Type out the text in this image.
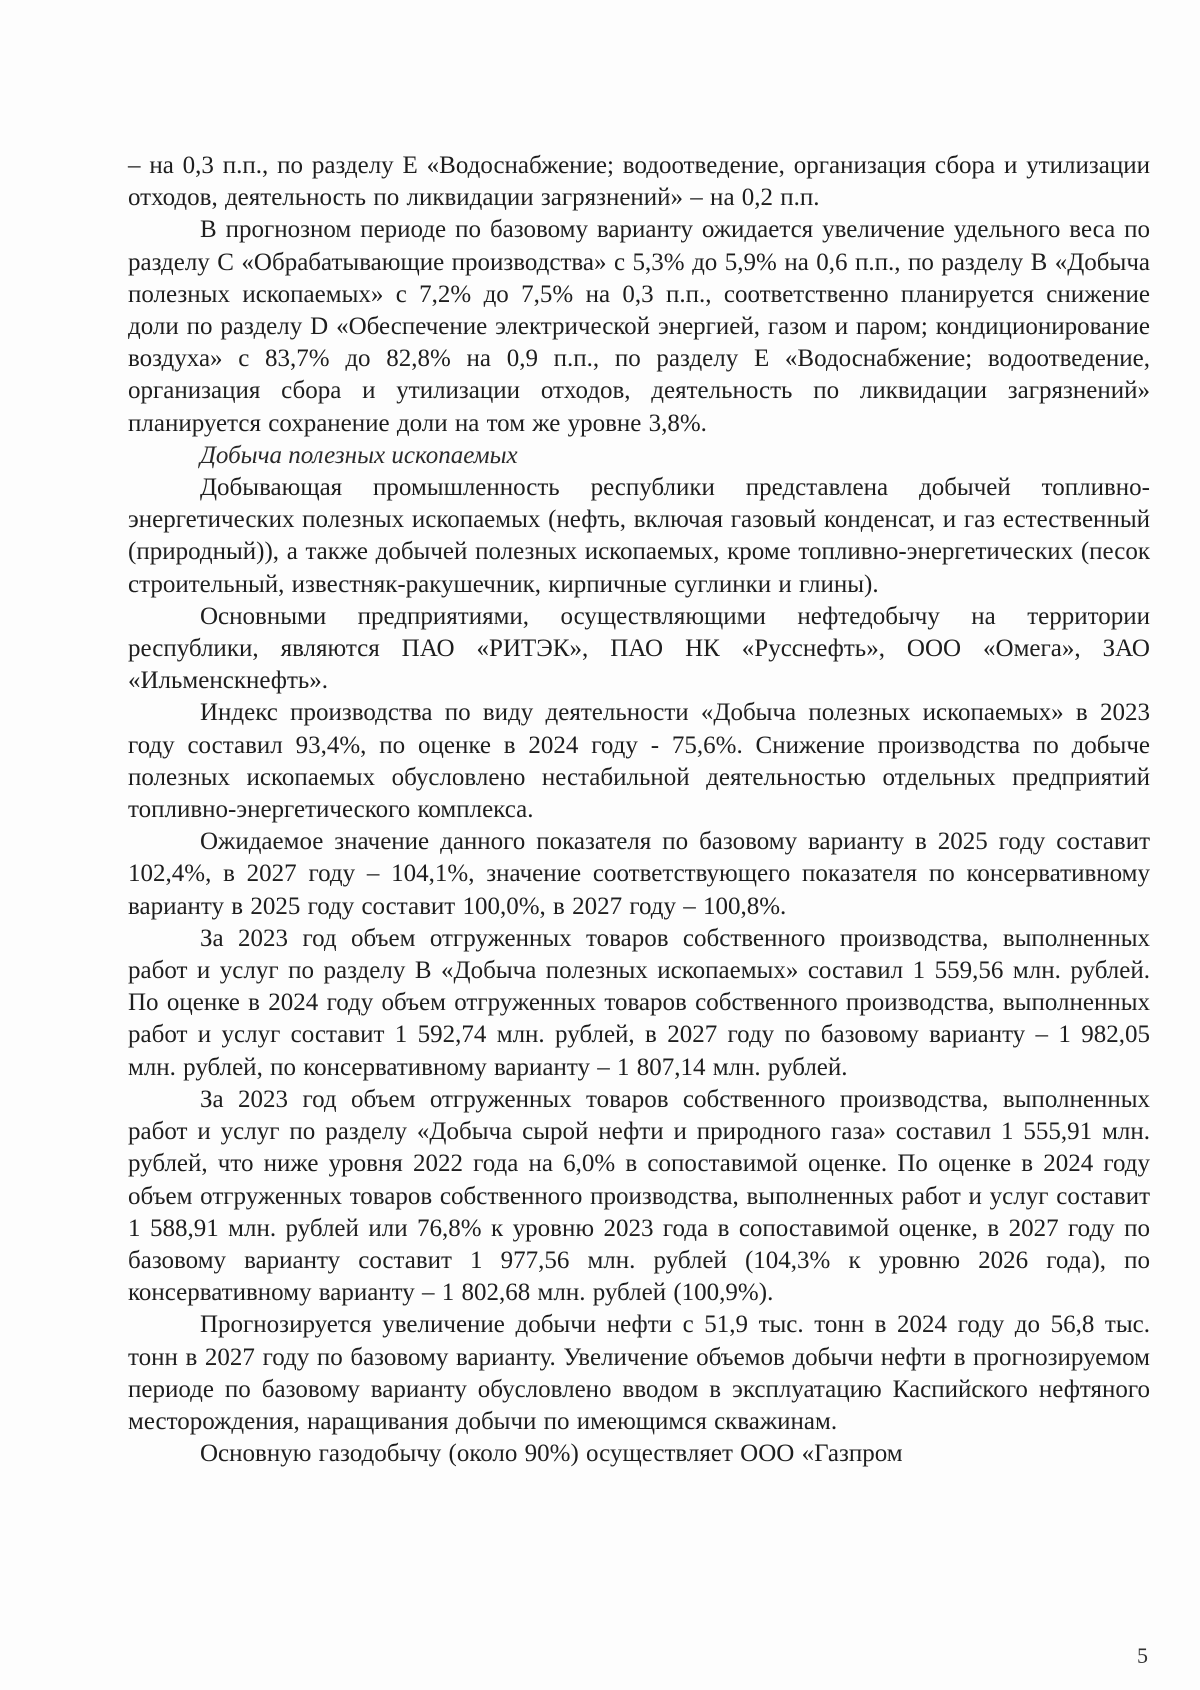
– на 0,3 п.п., по разделу Е «Водоснабжение; водоотведение, организация сбора и утилизации отходов, деятельность по ликвидации загрязнений» – на 0,2 п.п.

В прогнозном периоде по базовому варианту ожидается увеличение удельного веса по разделу С «Обрабатывающие производства» с 5,3% до 5,9% на 0,6 п.п., по разделу В «Добыча полезных ископаемых» с 7,2% до 7,5% на 0,3 п.п., соответственно планируется снижение доли по разделу D «Обеспечение электрической энергией, газом и паром; кондиционирование воздуха» с 83,7% до 82,8% на 0,9 п.п., по разделу Е «Водоснабжение; водоотведение, организация сбора и утилизации отходов, деятельность по ликвидации загрязнений» планируется сохранение доли на том же уровне 3,8%.

Добыча полезных ископаемых

Добывающая промышленность республики представлена добычей топливно-энергетических полезных ископаемых (нефть, включая газовый конденсат, и газ естественный (природный)), а также добычей полезных ископаемых, кроме топливно-энергетических (песок строительный, известняк-ракушечник, кирпичные суглинки и глины).

Основными предприятиями, осуществляющими нефтедобычу на территории республики, являются ПАО «РИТЭК», ПАО НК «Русснефть», ООО «Омега», ЗАО «Ильменскнефть».

Индекс производства по виду деятельности «Добыча полезных ископаемых» в 2023 году составил 93,4%, по оценке в 2024 году - 75,6%. Снижение производства по добыче полезных ископаемых обусловлено нестабильной деятельностью отдельных предприятий топливно-энергетического комплекса.

Ожидаемое значение данного показателя по базовому варианту в 2025 году составит 102,4%, в 2027 году – 104,1%, значение соответствующего показателя по консервативному варианту в 2025 году составит 100,0%, в 2027 году – 100,8%.

За 2023 год объем отгруженных товаров собственного производства, выполненных работ и услуг по разделу В «Добыча полезных ископаемых» составил 1 559,56 млн. рублей. По оценке в 2024 году объем отгруженных товаров собственного производства, выполненных работ и услуг составит 1 592,74 млн. рублей, в 2027 году по базовому варианту – 1 982,05 млн. рублей, по консервативному варианту – 1 807,14 млн. рублей.

За 2023 год объем отгруженных товаров собственного производства, выполненных работ и услуг по разделу «Добыча сырой нефти и природного газа» составил 1 555,91 млн. рублей, что ниже уровня 2022 года на 6,0% в сопоставимой оценке. По оценке в 2024 году объем отгруженных товаров собственного производства, выполненных работ и услуг составит 1 588,91 млн. рублей или 76,8% к уровню 2023 года в сопоставимой оценке, в 2027 году по базовому варианту составит 1 977,56 млн. рублей (104,3% к уровню 2026 года), по консервативному варианту – 1 802,68 млн. рублей (100,9%).

Прогнозируется увеличение добычи нефти с 51,9 тыс. тонн в 2024 году до 56,8 тыс. тонн в 2027 году по базовому варианту. Увеличение объемов добычи нефти в прогнозируемом периоде по базовому варианту обусловлено вводом в эксплуатацию Каспийского нефтяного месторождения, наращивания добычи по имеющимся скважинам.

Основную газодобычу (около 90%) осуществляет ООО «Газпром

5
